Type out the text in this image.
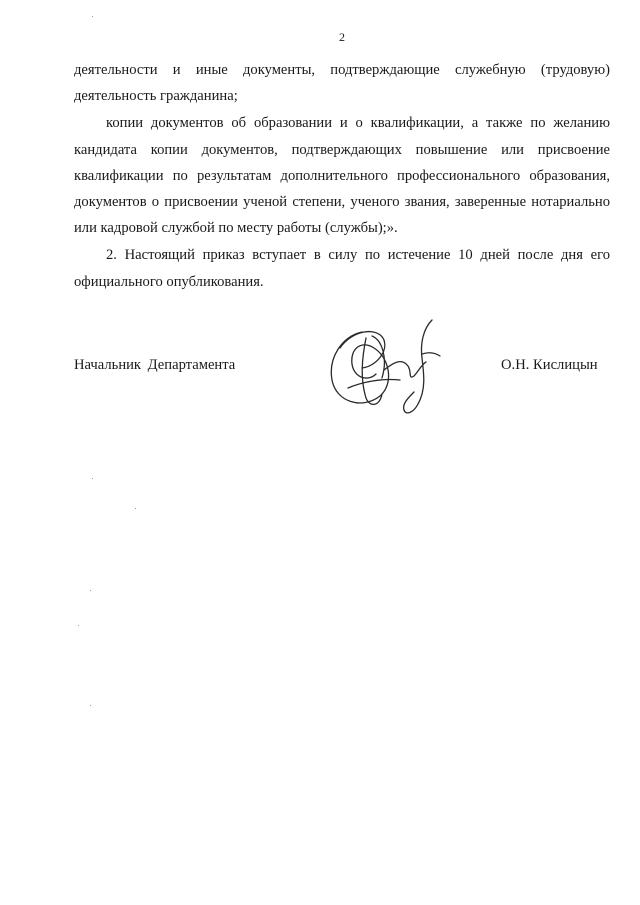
2

деятельности и иные документы, подтверждающие служебную (трудовую) деятельность гражданина;

копии документов об образовании и о квалификации, а также по желанию кандидата копии документов, подтверждающих повышение или присвоение квалификации по результатам дополнительного профессионального образования, документов о присвоении ученой степени, ученого звания, заверенные нотариально или кадровой службой по месту работы (службы);».

2. Настоящий приказ вступает в силу по истечение 10 дней после дня его официального опубликования.

Начальник Департамента	О.Н. Кислицын
